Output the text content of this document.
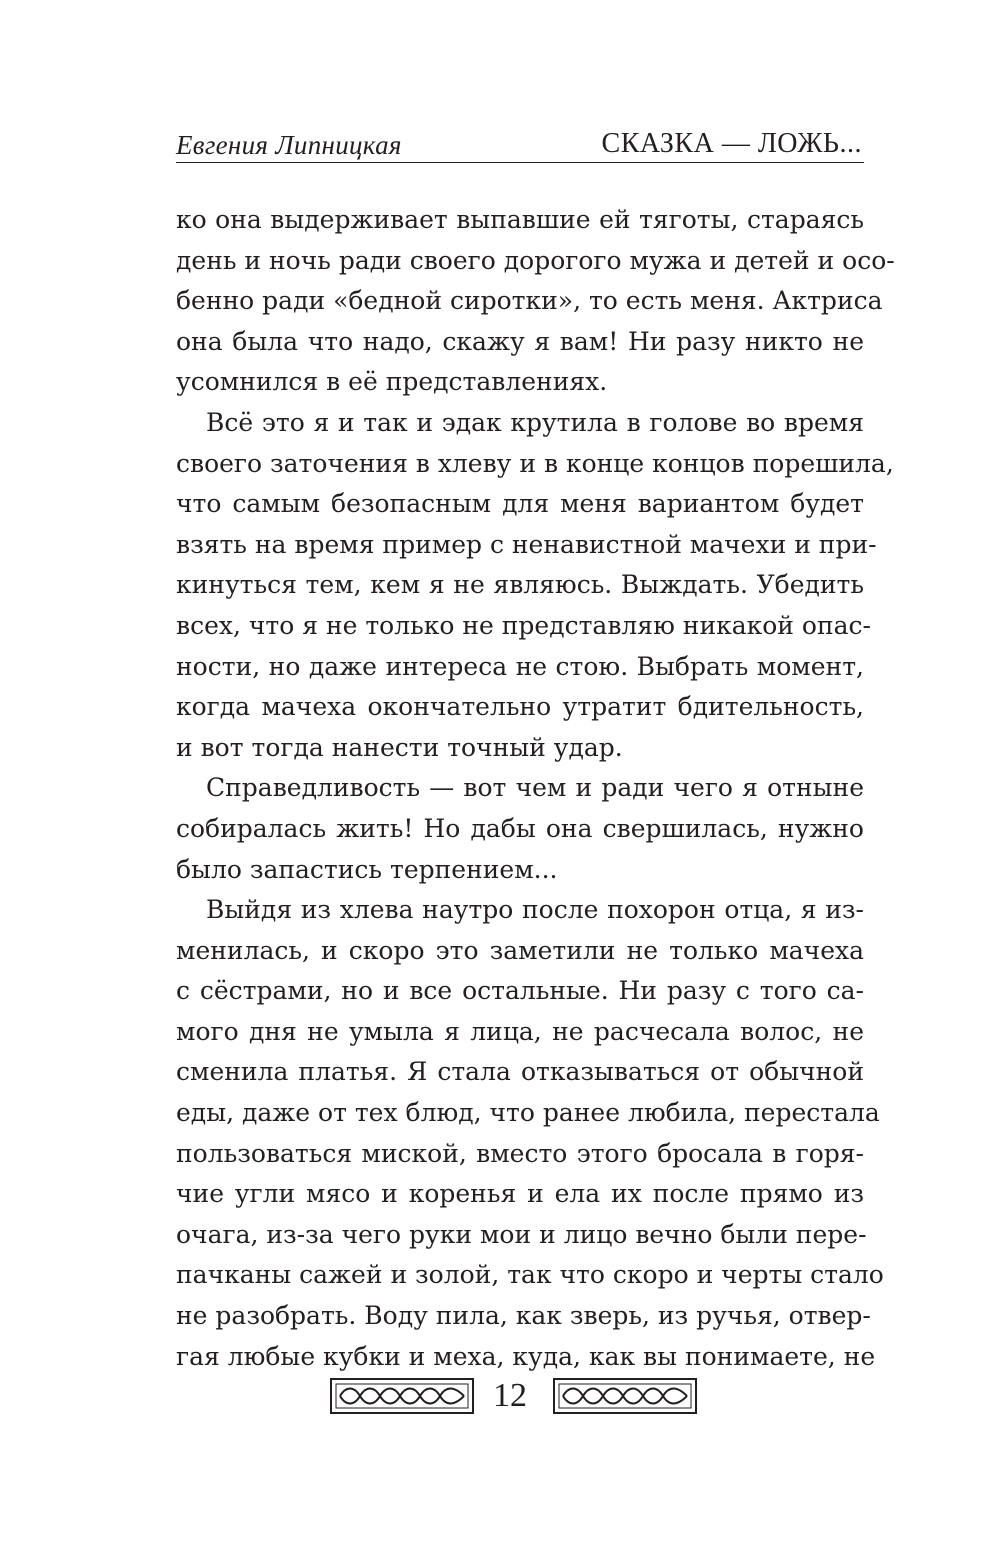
Евгения Липницкая	СКАЗКА — ЛОЖЬ...
ко она выдерживает выпавшие ей тяготы, стараясь
день и ночь ради своего дорогого мужа и детей и осо-
бенно ради «бедной сиротки», то есть меня. Актриса
она была что надо, скажу я вам! Ни разу никто не
усомнился в её представлениях.
Всё это я и так и эдак крутила в голове во время
своего заточения в хлеву и в конце концов порешила,
что самым безопасным для меня вариантом будет
взять на время пример с ненавистной мачехи и при-
кинуться тем, кем я не являюсь. Выждать. Убедить
всех, что я не только не представляю никакой опас-
ности, но даже интереса не стою. Выбрать момент,
когда мачеха окончательно утратит бдительность,
и вот тогда нанести точный удар.
Справедливость — вот чем и ради чего я отныне
собиралась жить! Но дабы она свершилась, нужно
было запастись терпением...
Выйдя из хлева наутро после похорон отца, я из-
менилась, и скоро это заметили не только мачеха
с сёстрами, но и все остальные. Ни разу с того са-
мого дня не умыла я лица, не расчесала волос, не
сменила платья. Я стала отказываться от обычной
еды, даже от тех блюд, что ранее любила, перестала
пользоваться миской, вместо этого бросала в горя-
чие угли мясо и коренья и ела их после прямо из
очага, из-за чего руки мои и лицо вечно были пере-
пачканы сажей и золой, так что скоро и черты стало
не разобрать. Воду пила, как зверь, из ручья, отвер-
гая любые кубки и меха, куда, как вы понимаете, не
12
